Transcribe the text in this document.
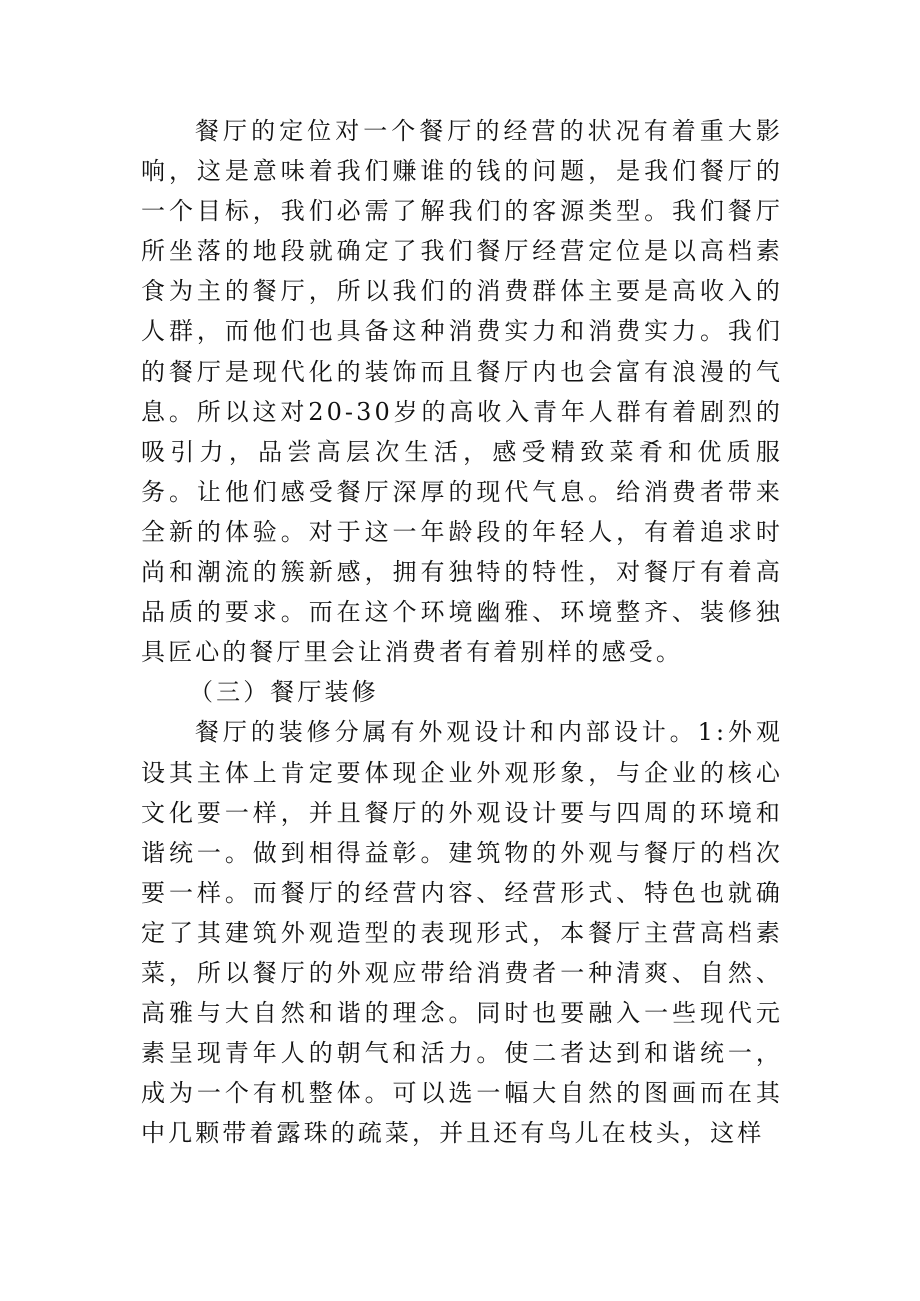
餐厅的定位对一个餐厅的经营的状况有着重大影响，这是意味着我们赚谁的钱的问题，是我们餐厅的一个目标，我们必需了解我们的客源类型。我们餐厅所坐落的地段就确定了我们餐厅经营定位是以高档素食为主的餐厅，所以我们的消费群体主要是高收入的人群，而他们也具备这种消费实力和消费实力。我们的餐厅是现代化的装饰而且餐厅内也会富有浪漫的气息。所以这对20-30岁的高收入青年人群有着剧烈的吸引力，品尝高层次生活，感受精致菜肴和优质服务。让他们感受餐厅深厚的现代气息。给消费者带来全新的体验。对于这一年龄段的年轻人，有着追求时尚和潮流的簇新感，拥有独特的特性，对餐厅有着高品质的要求。而在这个环境幽雅、环境整齐、装修独具匠心的餐厅里会让消费者有着别样的感受。

（三）餐厅装修

餐厅的装修分属有外观设计和内部设计。1:外观设其主体上肯定要体现企业外观形象，与企业的核心文化要一样，并且餐厅的外观设计要与四周的环境和谐统一。做到相得益彰。建筑物的外观与餐厅的档次要一样。而餐厅的经营内容、经营形式、特色也就确定了其建筑外观造型的表现形式，本餐厅主营高档素菜，所以餐厅的外观应带给消费者一种清爽、自然、高雅与大自然和谐的理念。同时也要融入一些现代元素呈现青年人的朝气和活力。使二者达到和谐统一，成为一个有机整体。可以选一幅大自然的图画而在其中几颗带着露珠的疏菜，并且还有鸟儿在枝头，这样
